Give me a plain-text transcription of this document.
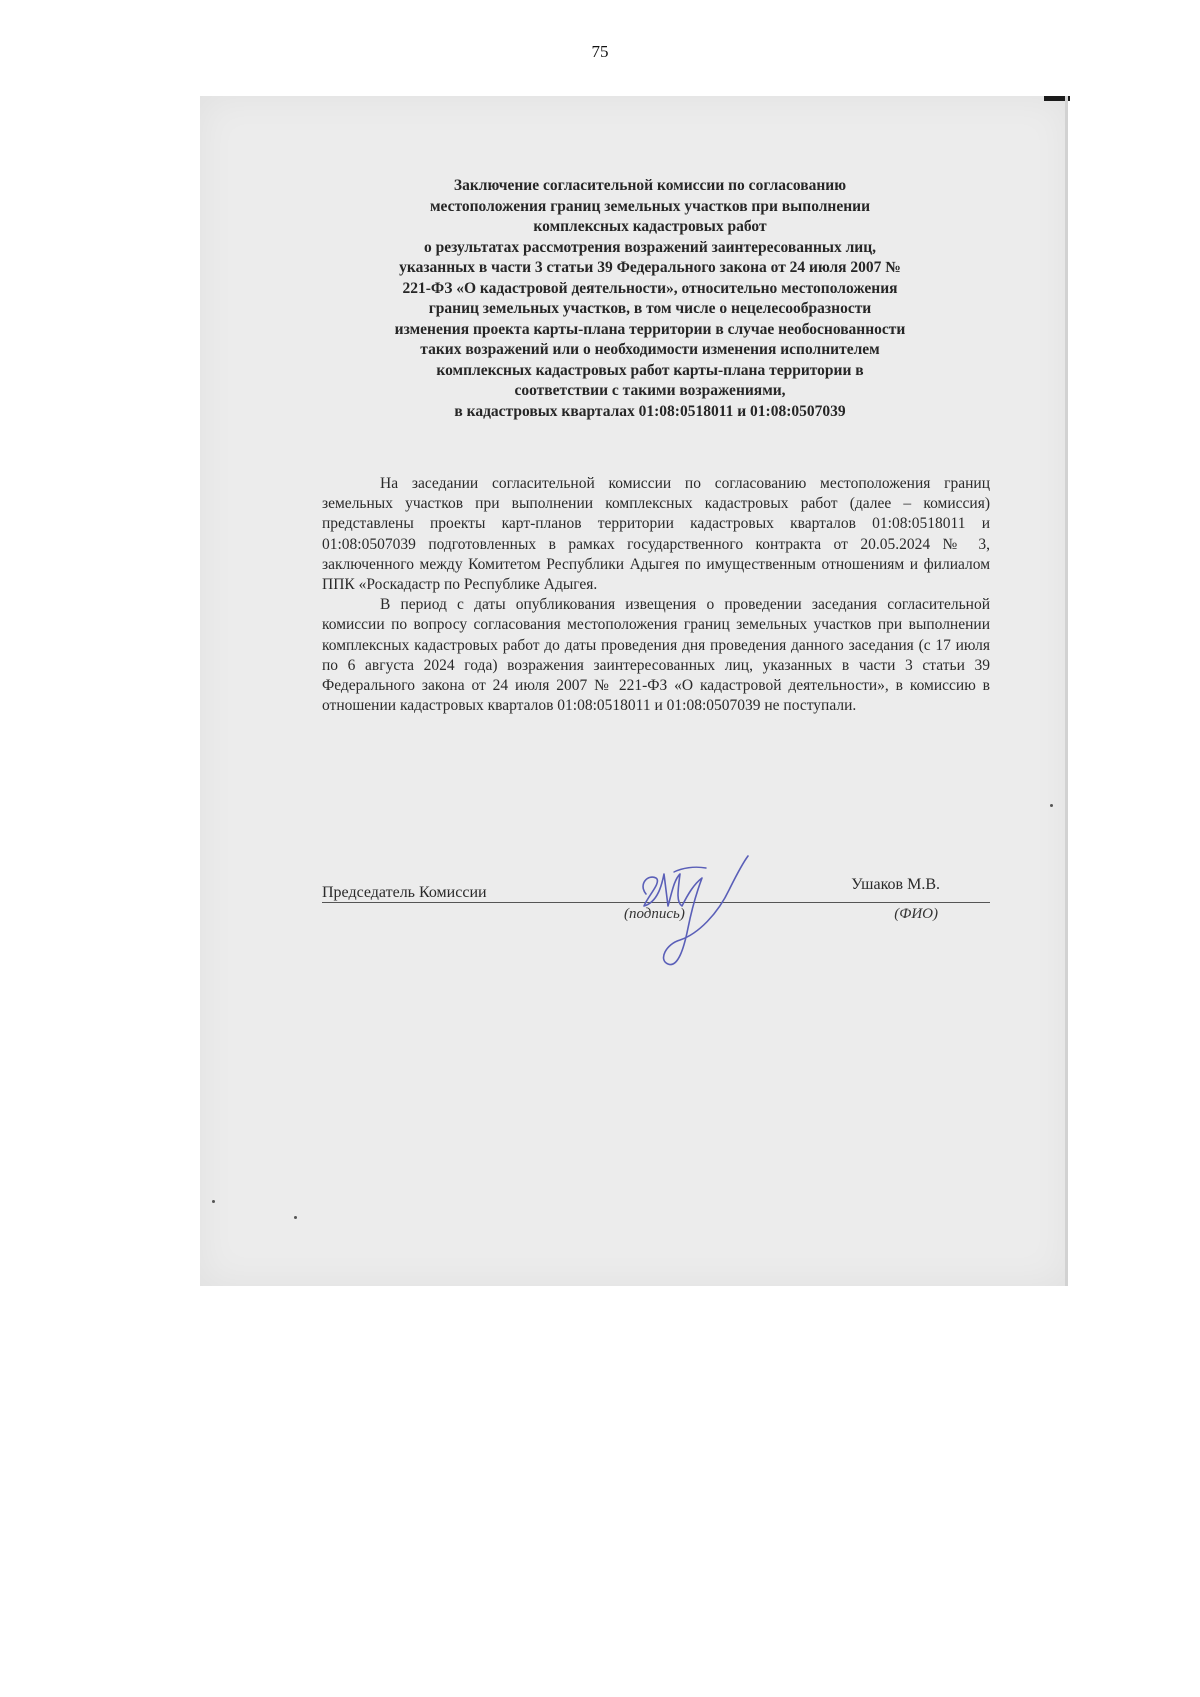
75
Заключение согласительной комиссии по согласованию
местоположения границ земельных участков при выполнении
комплексных кадастровых работ
о результатах рассмотрения возражений заинтересованных лиц,
указанных в части 3 статьи 39 Федерального закона от 24 июля 2007 №
221-ФЗ «О кадастровой деятельности», относительно местоположения
границ земельных участков, в том числе о нецелесообразности
изменения проекта карты-плана территории в случае необоснованности
таких возражений или о необходимости изменения исполнителем
комплексных кадастровых работ карты-плана территории в
соответствии с такими возражениями,
в кадастровых кварталах 01:08:0518011 и 01:08:0507039

На заседании согласительной комиссии по согласованию местоположения границ земельных участков при выполнении комплексных кадастровых работ (далее – комиссия) представлены проекты карт-планов территории кадастровых кварталов 01:08:0518011 и 01:08:0507039 подготовленных в рамках государственного контракта от 20.05.2024 № 3, заключенного между Комитетом Республики Адыгея по имущественным отношениям и филиалом ППК «Роскадастр по Республике Адыгея.

В период с даты опубликования извещения о проведении заседания согласительной комиссии по вопросу согласования местоположения границ земельных участков при выполнении комплексных кадастровых работ до даты проведения дня проведения данного заседания (с 17 июля по 6 августа 2024 года) возражения заинтересованных лиц, указанных в части 3 статьи 39 Федерального закона от 24 июля 2007 № 221-ФЗ «О кадастровой деятельности», в комиссию в отношении кадастровых кварталов 01:08:0518011 и 01:08:0507039 не поступали.

Председатель Комиссии	Ушаков М.В.
(подпись)	(ФИО)
